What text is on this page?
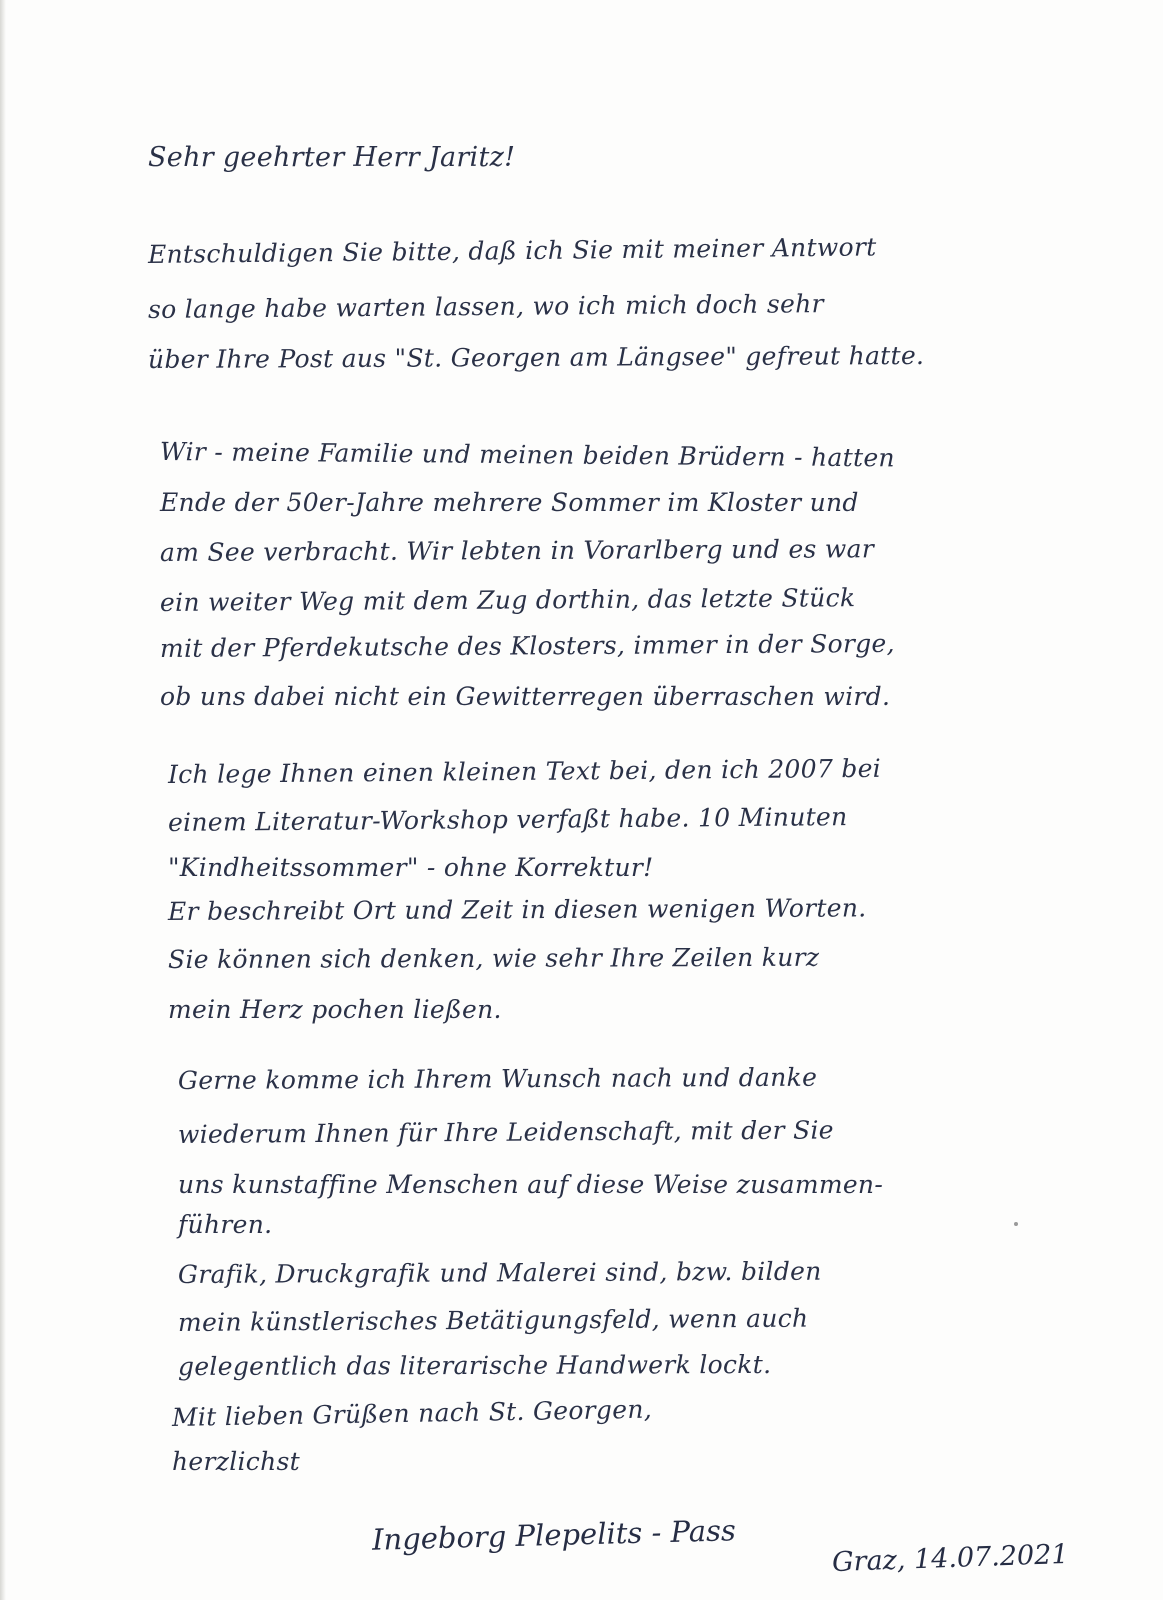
Sehr geehrter Herr Jaritz!
Entschuldigen Sie bitte, daß ich Sie mit meiner Antwort
so lange habe warten lassen, wo ich mich doch sehr
über Ihre Post aus "St. Georgen am Längsee" gefreut hatte.
Wir - meine Familie und meinen beiden Brüdern - hatten
Ende der 50er-Jahre mehrere Sommer im Kloster und
am See verbracht. Wir lebten in Vorarlberg und es war
ein weiter Weg mit dem Zug dorthin, das letzte Stück
mit der Pferdekutsche des Klosters, immer in der Sorge,
ob uns dabei nicht ein Gewitterregen überraschen wird.
Ich lege Ihnen einen kleinen Text bei, den ich 2007 bei
einem Literatur-Workshop verfaßt habe. 10 Minuten
"Kindheitssommer" - ohne Korrektur!
Er beschreibt Ort und Zeit in diesen wenigen Worten.
Sie können sich denken, wie sehr Ihre Zeilen kurz
mein Herz pochen ließen.
Gerne komme ich Ihrem Wunsch nach und danke
wiederum Ihnen für Ihre Leidenschaft, mit der Sie
uns kunstaffine Menschen auf diese Weise zusammen-
führen.
Grafik, Druckgrafik und Malerei sind, bzw. bilden
mein künstlerisches Betätigungsfeld, wenn auch
gelegentlich das literarische Handwerk lockt.
Mit lieben Grüßen nach St. Georgen,
herzlichst
Ingeborg Plepelits - Pass
Graz, 14.07.2021
